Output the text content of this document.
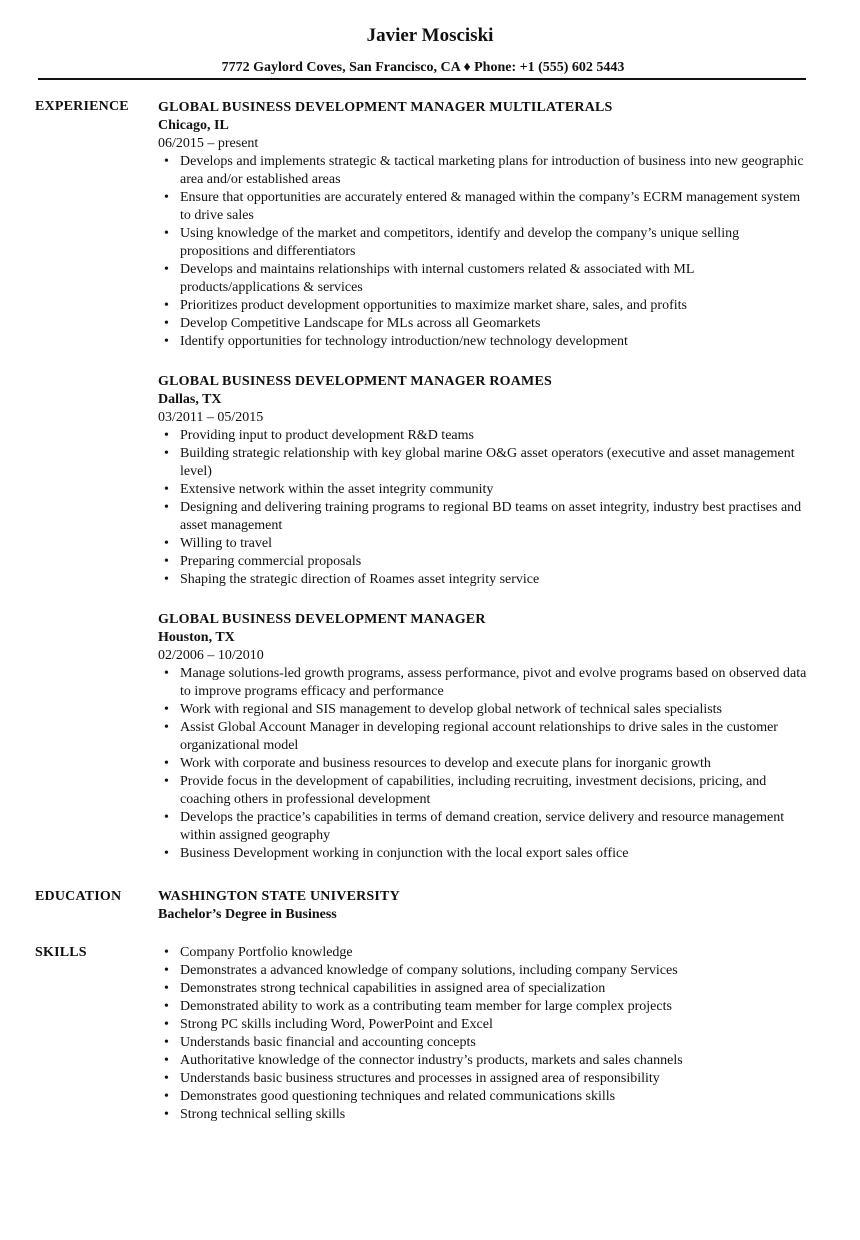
Javier Mosciski
7772 Gaylord Coves, San Francisco, CA ♦ Phone: +1 (555) 602 5443
EXPERIENCE GLOBAL BUSINESS DEVELOPMENT MANAGER MULTILATERALS
Chicago, IL
06/2015 – present
• Develops and implements strategic & tactical marketing plans for introduction of business into new geographic area and/or established areas
• Ensure that opportunities are accurately entered & managed within the company’s ECRM management system to drive sales
• Using knowledge of the market and competitors, identify and develop the company’s unique selling propositions and differentiators
• Develops and maintains relationships with internal customers related & associated with ML products/applications & services
• Prioritizes product development opportunities to maximize market share, sales, and profits
• Develop Competitive Landscape for MLs across all Geomarkets
• Identify opportunities for technology introduction/new technology development
GLOBAL BUSINESS DEVELOPMENT MANAGER ROAMES
Dallas, TX
03/2011 – 05/2015
• Providing input to product development R&D teams
• Building strategic relationship with key global marine O&G asset operators (executive and asset management level)
• Extensive network within the asset integrity community
• Designing and delivering training programs to regional BD teams on asset integrity, industry best practises and asset management
• Willing to travel
• Preparing commercial proposals
• Shaping the strategic direction of Roames asset integrity service
GLOBAL BUSINESS DEVELOPMENT MANAGER
Houston, TX
02/2006 – 10/2010
• Manage solutions-led growth programs, assess performance, pivot and evolve programs based on observed data to improve programs efficacy and performance
• Work with regional and SIS management to develop global network of technical sales specialists
• Assist Global Account Manager in developing regional account relationships to drive sales in the customer organizational model
• Work with corporate and business resources to develop and execute plans for inorganic growth
• Provide focus in the development of capabilities, including recruiting, investment decisions, pricing, and coaching others in professional development
• Develops the practice’s capabilities in terms of demand creation, service delivery and resource management within assigned geography
• Business Development working in conjunction with the local export sales office
EDUCATION	WASHINGTON STATE UNIVERSITY
Bachelor’s Degree in Business
SKILLS
•	Company Portfolio knowledge
• Demonstrates a advanced knowledge of company solutions, including company Services
• Demonstrates strong technical capabilities in assigned area of specialization
• Demonstrated ability to work as a contributing team member for large complex projects
• Strong PC skills including Word, PowerPoint and Excel
• Understands basic financial and accounting concepts
• Authoritative knowledge of the connector industry’s products, markets and sales channels
• Understands basic business structures and processes in assigned area of responsibility
• Demonstrates good questioning techniques and related communications skills
• Strong technical selling skills
